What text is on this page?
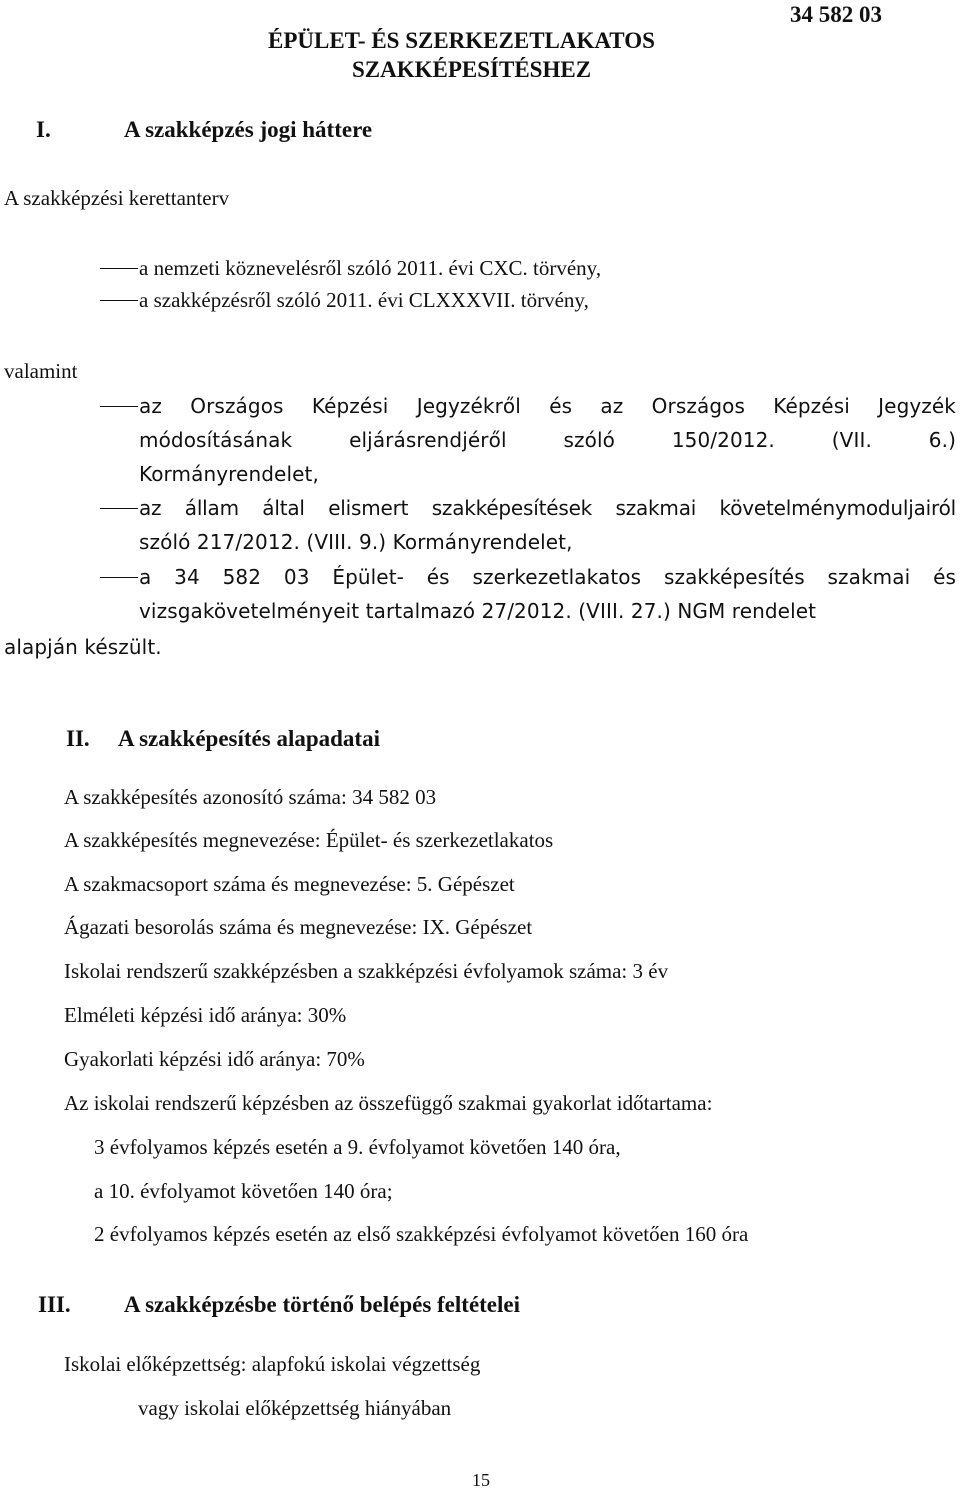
34 582 03
ÉPÜLET- ÉS SZERKEZETLAKATOS
SZAKKÉPESÍTÉSHEZ
I.	A szakképzés jogi háttere
A szakképzési kerettanterv
a nemzeti köznevelésről szóló 2011. évi CXC. törvény,
a szakképzésről szóló 2011. évi CLXXXVII. törvény,
valamint
az Országos Képzési Jegyzékről és az Országos Képzési Jegyzék
módosításának eljárásrendjéről szóló 150/2012. (VII. 6.)
Kormányrendelet,
az állam által elismert szakképesítések szakmai követelménymoduljairól
szóló 217/2012. (VIII. 9.) Kormányrendelet,
a 34 582 03 Épület- és szerkezetlakatos szakképesítés szakmai és
vizsgakövetelményeit tartalmazó 27/2012. (VIII. 27.) NGM rendelet
alapján készült.
II. A szakképesítés alapadatai
A szakképesítés azonosító száma: 34 582 03
A szakképesítés megnevezése: Épület- és szerkezetlakatos
A szakmacsoport száma és megnevezése: 5. Gépészet
Ágazati besorolás száma és megnevezése: IX. Gépészet
Iskolai rendszerű szakképzésben a szakképzési évfolyamok száma: 3 év
Elméleti képzési idő aránya: 30%
Gyakorlati képzési idő aránya: 70%
Az iskolai rendszerű képzésben az összefüggő szakmai gyakorlat időtartama:
3 évfolyamos képzés esetén a 9. évfolyamot követően 140 óra,
a 10. évfolyamot követően 140 óra;
2 évfolyamos képzés esetén az első szakképzési évfolyamot követően 160 óra
III. A szakképzésbe történő belépés feltételei
Iskolai előképzettség: alapfokú iskolai végzettség
vagy iskolai előképzettség hiányában
15
